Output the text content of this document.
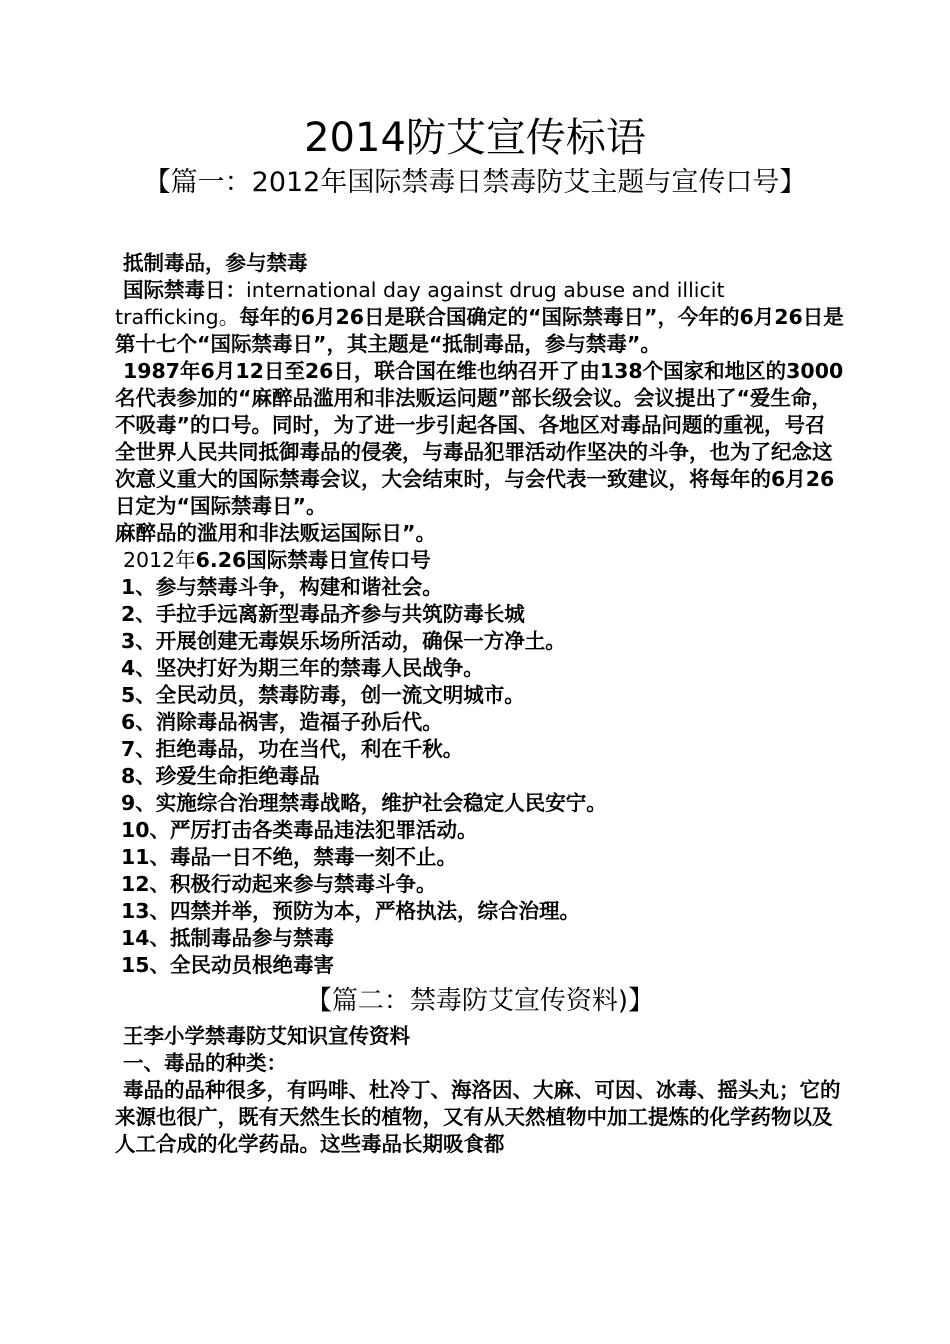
2014防艾宣传标语
【篇一：2012年国际禁毒日禁毒防艾主题与宣传口号】

抵制毒品，参与禁毒

国际禁毒日：international day against drug abuse and illicit trafficking。每年的6月26日是联合国确定的“国际禁毒日”，今年的6月26日是第十七个“国际禁毒日”，其主题是“抵制毒品，参与禁毒”。

1987年6月12日至26日，联合国在维也纳召开了由138个国家和地区的3000名代表参加的“麻醉品滥用和非法贩运问题”部长级会议。会议提出了“爱生命，不吸毒”的口号。同时，为了进一步引起各国、各地区对毒品问题的重视，号召全世界人民共同抵御毒品的侵袭，与毒品犯罪活动作坚决的斗争，也为了纪念这次意义重大的国际禁毒会议，大会结束时，与会代表一致建议，将每年的6月26日定为“国际禁毒日”。

麻醉品的滥用和非法贩运国际日”。

2012年6.26国际禁毒日宣传口号

1、参与禁毒斗争，构建和谐社会。

2、手拉手远离新型毒品齐参与共筑防毒长城

3、开展创建无毒娱乐场所活动，确保一方净土。

4、坚决打好为期三年的禁毒人民战争。

5、全民动员，禁毒防毒，创一流文明城市。

6、消除毒品祸害，造福子孙后代。

7、拒绝毒品，功在当代，利在千秋。

8、珍爱生命拒绝毒品

9、实施综合治理禁毒战略，维护社会稳定人民安宁。

10、严厉打击各类毒品违法犯罪活动。

11、毒品一日不绝，禁毒一刻不止。

12、积极行动起来参与禁毒斗争。

13、四禁并举，预防为本，严格执法，综合治理。

14、抵制毒品参与禁毒

15、全民动员根绝毒害

【篇二：禁毒防艾宣传资料)】

王李小学禁毒防艾知识宣传资料

一、毒品的种类：

毒品的品种很多，有吗啡、杜冷丁、海洛因、大麻、可因、冰毒、摇头丸；它的来源也很广，既有天然生长的植物，又有从天然植物中加工提炼的化学药物以及人工合成的化学药品。这些毒品长期吸食都
